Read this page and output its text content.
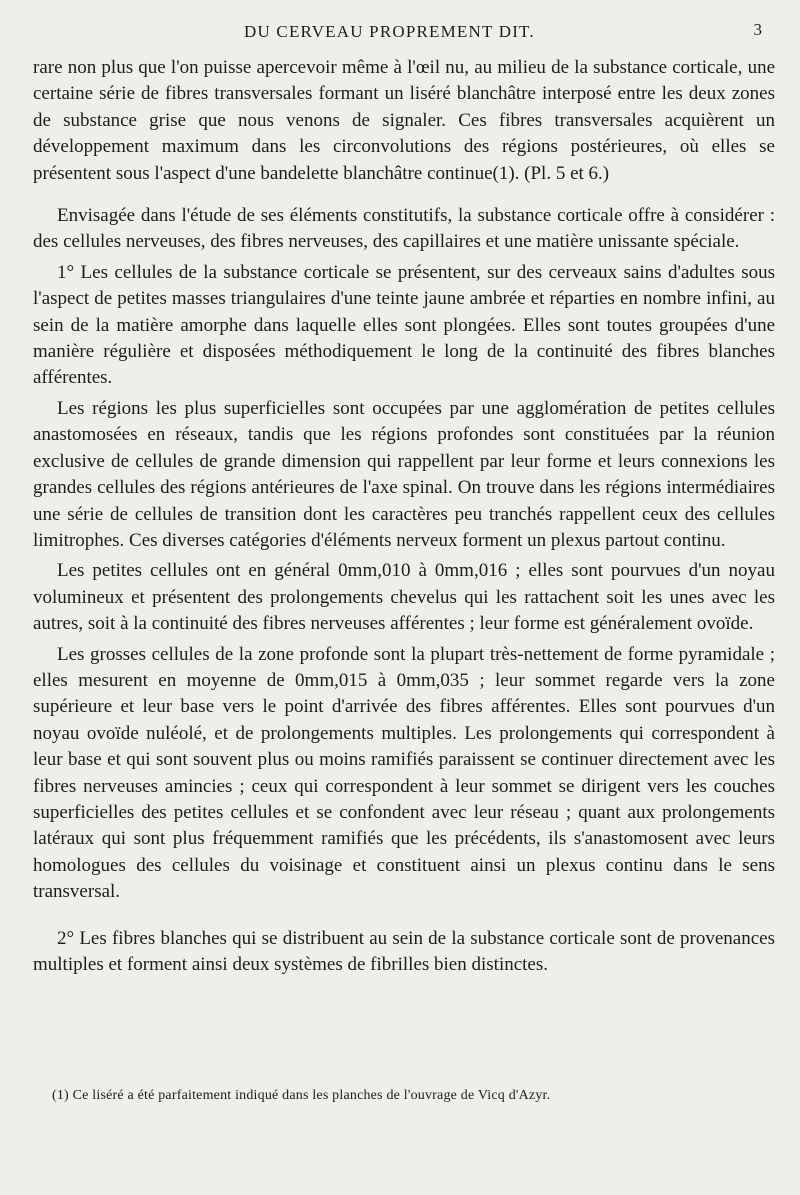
DU CERVEAU PROPREMENT DIT.	3

rare non plus que l'on puisse apercevoir même à l'œil nu, au milieu de la substance corticale, une certaine série de fibres transversales formant un liséré blanchâtre interposé entre les deux zones de substance grise que nous venons de signaler. Ces fibres transversales acquièrent un développement maximum dans les circonvolutions des régions postérieures, où elles se présentent sous l'aspect d'une bandelette blanchâtre continue(1). (Pl. 5 et 6.)

Envisagée dans l'étude de ses éléments constitutifs, la substance corticale offre à considérer : des cellules nerveuses, des fibres nerveuses, des capillaires et une matière unissante spéciale.

1° Les cellules de la substance corticale se présentent, sur des cerveaux sains d'adultes sous l'aspect de petites masses triangulaires d'une teinte jaune ambrée et réparties en nombre infini, au sein de la matière amorphe dans laquelle elles sont plongées. Elles sont toutes groupées d'une manière régulière et disposées méthodiquement le long de la continuité des fibres blanches afférentes.

Les régions les plus superficielles sont occupées par une agglomération de petites cellules anastomosées en réseaux, tandis que les régions profondes sont constituées par la réunion exclusive de cellules de grande dimension qui rappellent par leur forme et leurs connexions les grandes cellules des régions antérieures de l'axe spinal. On trouve dans les régions intermédiaires une série de cellules de transition dont les caractères peu tranchés rappellent ceux des cellules limitrophes. Ces diverses catégories d'éléments nerveux forment un plexus partout continu.

Les petites cellules ont en général 0mm,010 à 0mm,016 ; elles sont pourvues d'un noyau volumineux et présentent des prolongements chevelus qui les rattachent soit les unes avec les autres, soit à la continuité des fibres nerveuses afférentes ; leur forme est généralement ovoïde.

Les grosses cellules de la zone profonde sont la plupart très-nettement de forme pyramidale ; elles mesurent en moyenne de 0mm,015 à 0mm,035 ; leur sommet regarde vers la zone supérieure et leur base vers le point d'arrivée des fibres afférentes. Elles sont pourvues d'un noyau ovoïde nuléolé, et de prolongements multiples. Les prolongements qui correspondent à leur base et qui sont souvent plus ou moins ramifiés paraissent se continuer directement avec les fibres nerveuses amincies ; ceux qui correspondent à leur sommet se dirigent vers les couches superficielles des petites cellules et se confondent avec leur réseau ; quant aux prolongements latéraux qui sont plus fréquemment ramifiés que les précédents, ils s'anastomosent avec leurs homologues des cellules du voisinage et constituent ainsi un plexus continu dans le sens transversal.

2° Les fibres blanches qui se distribuent au sein de la substance corticale sont de provenances multiples et forment ainsi deux systèmes de fibrilles bien distinctes.

(1) Ce liséré a été parfaitement indiqué dans les planches de l'ouvrage de Vicq d'Azyr.
